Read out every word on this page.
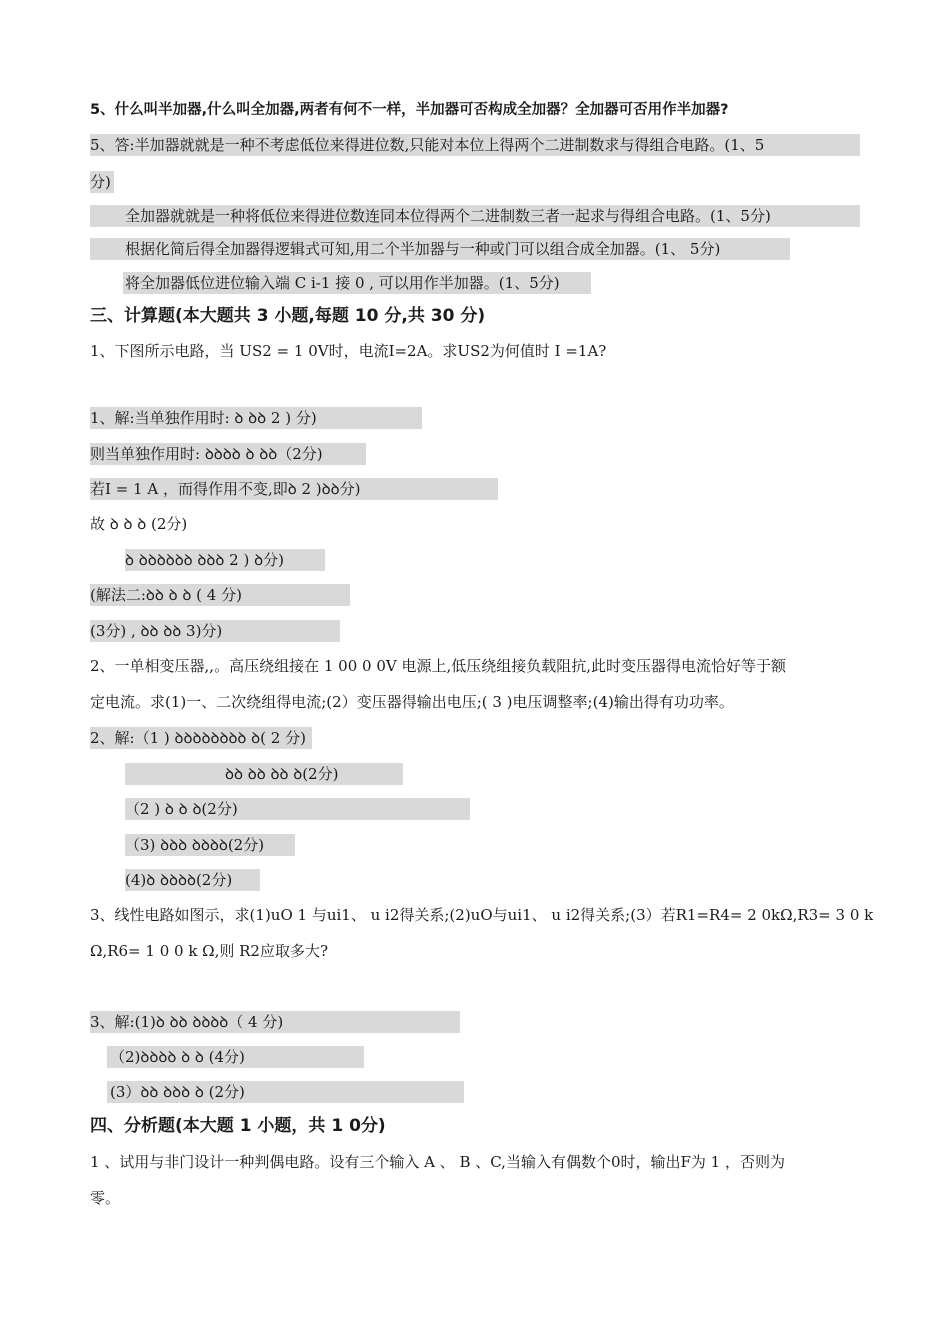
5、什么叫半加器,什么叫全加器,两者有何不一样，半加器可否构成全加器？全加器可否用作半加器?
5、答:半加器就就是一种不考虑低位来得进位数,只能对本位上得两个二进制数求与得组合电路。(1、5
分)
全加器就就是一种将低位来得进位数连同本位得两个二进制数三者一起求与得组合电路。(1、5分)
根据化简后得全加器得逻辑式可知,用二个半加器与一种或门可以组合成全加器。(1、 5分)
将全加器低位进位输入端 C i-1 接 0 , 可以用作半加器。(1、5分)
三、计算题(本大题共 3 小题,每题 10 分,共 30 分)
1、下图所示电路，当 US2 = 1 0V时，电流I=2A。求US2为何值时 I =1A?
1、解:当单独作用时: ꝺ ꝺꝺ 2 ) 分)
则当单独作用时: ꝺꝺꝺꝺ ꝺ ꝺꝺ（2分)
若I = 1 A ，而得作用不变,即ꝺ 2 )ꝺꝺ分)
故 ꝺ ꝺ ꝺ (2分)
ꝺ ꝺꝺꝺꝺꝺꝺ ꝺꝺꝺ 2 ) ꝺ分)
(解法二:ꝺꝺ ꝺ ꝺ ( 4 分)
(3分) , ꝺꝺ ꝺꝺ 3)分)
2、一单相变压器,,。高压绕组接在 1 00 0 0V 电源上,低压绕组接负载阻抗,此时变压器得电流恰好等于额
定电流。求(1)一、二次绕组得电流;(2）变压器得输出电压;( 3 )电压调整率;(4)输出得有功功率。
2、解:（1 ) ꝺꝺꝺꝺꝺꝺꝺꝺ ꝺ( 2 分)
ꝺꝺ ꝺꝺ ꝺꝺ ꝺ(2分)
（2 ) ꝺ ꝺ ꝺ(2分)
（3) ꝺꝺꝺ ꝺꝺꝺꝺ(2分)
(4)ꝺ ꝺꝺꝺꝺ(2分)
3、线性电路如图示，求(1)uO 1 与ui1、 u i2得关系;(2)uO与ui1、 u i2得关系;(3）若R1=R4= 2 0kΩ,R3= 3 0 k
Ω,R6= 1 0 0 k Ω,则 R2应取多大?
3、解:(1)ꝺ ꝺꝺ ꝺꝺꝺꝺ（ 4 分)
（2)ꝺꝺꝺꝺ ꝺ ꝺ (4分)
(3）ꝺꝺ ꝺꝺꝺ ꝺ (2分)
四、分析题(本大题 1 小题，共 1 0分)
1 、试用与非门设计一种判偶电路。设有三个输入 A 、 B 、C,当输入有偶数个0时，输出F为 1 ，否则为
零。
